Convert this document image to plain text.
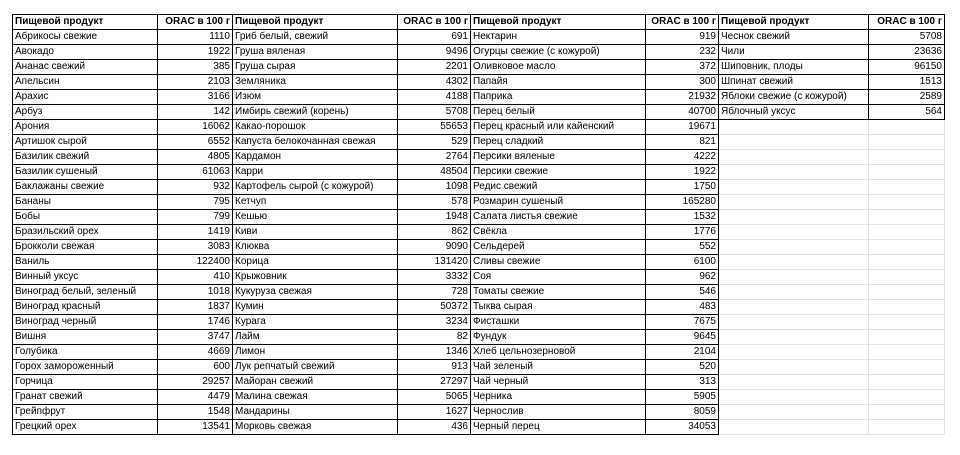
Пищевой продукт	ORAC в 100 г	Пищевой продукт	ORAC в 100 г	Пищевой продукт	ORAC в 100 г	Пищевой продукт	ORAC в 100 г
Абрикосы свежие	1110	Гриб белый, свежий	691	Нектарин	919	Чеснок свежий	5708
Авокадо	1922	Груша вяленая	9496	Огурцы свежие (с кожурой)	232	Чили	23636
Ананас свежий	385	Груша сырая	2201	Оливковое масло	372	Шиповник, плоды	96150
Апельсин	2103	Земляника	4302	Папайя	300	Шпинат свежий	1513
Арахис	3166	Изюм	4188	Паприка	21932	Яблоки свежие (с кожурой)	2589
Арбуз	142	Имбирь свежий (корень)	5708	Перец белый	40700	Яблочный уксус	564
Арония	16062	Какао-порошок	55653	Перец красный или кайенский	19671		
Артишок сырой	6552	Капуста белокочанная свежая	529	Перец сладкий	821		
Базилик свежий	4805	Кардамон	2764	Персики вяленые	4222		
Базилик сушеный	61063	Карри	48504	Персики свежие	1922		
Баклажаны свежие	932	Картофель сырой (с кожурой)	1098	Редис свежий	1750		
Бананы	795	Кетчуп	578	Розмарин сушеный	165280		
Бобы	799	Кешью	1948	Салата листья свежие	1532		
Бразильский орех	1419	Киви	862	Свёкла	1776		
Брокколи свежая	3083	Клюква	9090	Сельдерей	552		
Ваниль	122400	Корица	131420	Сливы свежие	6100		
Винный уксус	410	Крыжовник	3332	Соя	962		
Виноград белый, зеленый	1018	Кукуруза свежая	728	Томаты свежие	546		
Виноград красный	1837	Кумин	50372	Тыква сырая	483		
Виноград черный	1746	Курага	3234	Фисташки	7675		
Вишня	3747	Лайм	82	Фундук	9645		
Голубика	4669	Лимон	1346	Хлеб цельнозерновой	2104		
Горох замороженный	600	Лук репчатый свежий	913	Чай зеленый	520		
Горчица	29257	Майоран свежий	27297	Чай черный	313		
Гранат свежий	4479	Малина свежая	5065	Черника	5905		
Грейпфрут	1548	Мандарины	1627	Чернослив	8059		
Грецкий орех	13541	Морковь свежая	436	Черный перец	34053		
